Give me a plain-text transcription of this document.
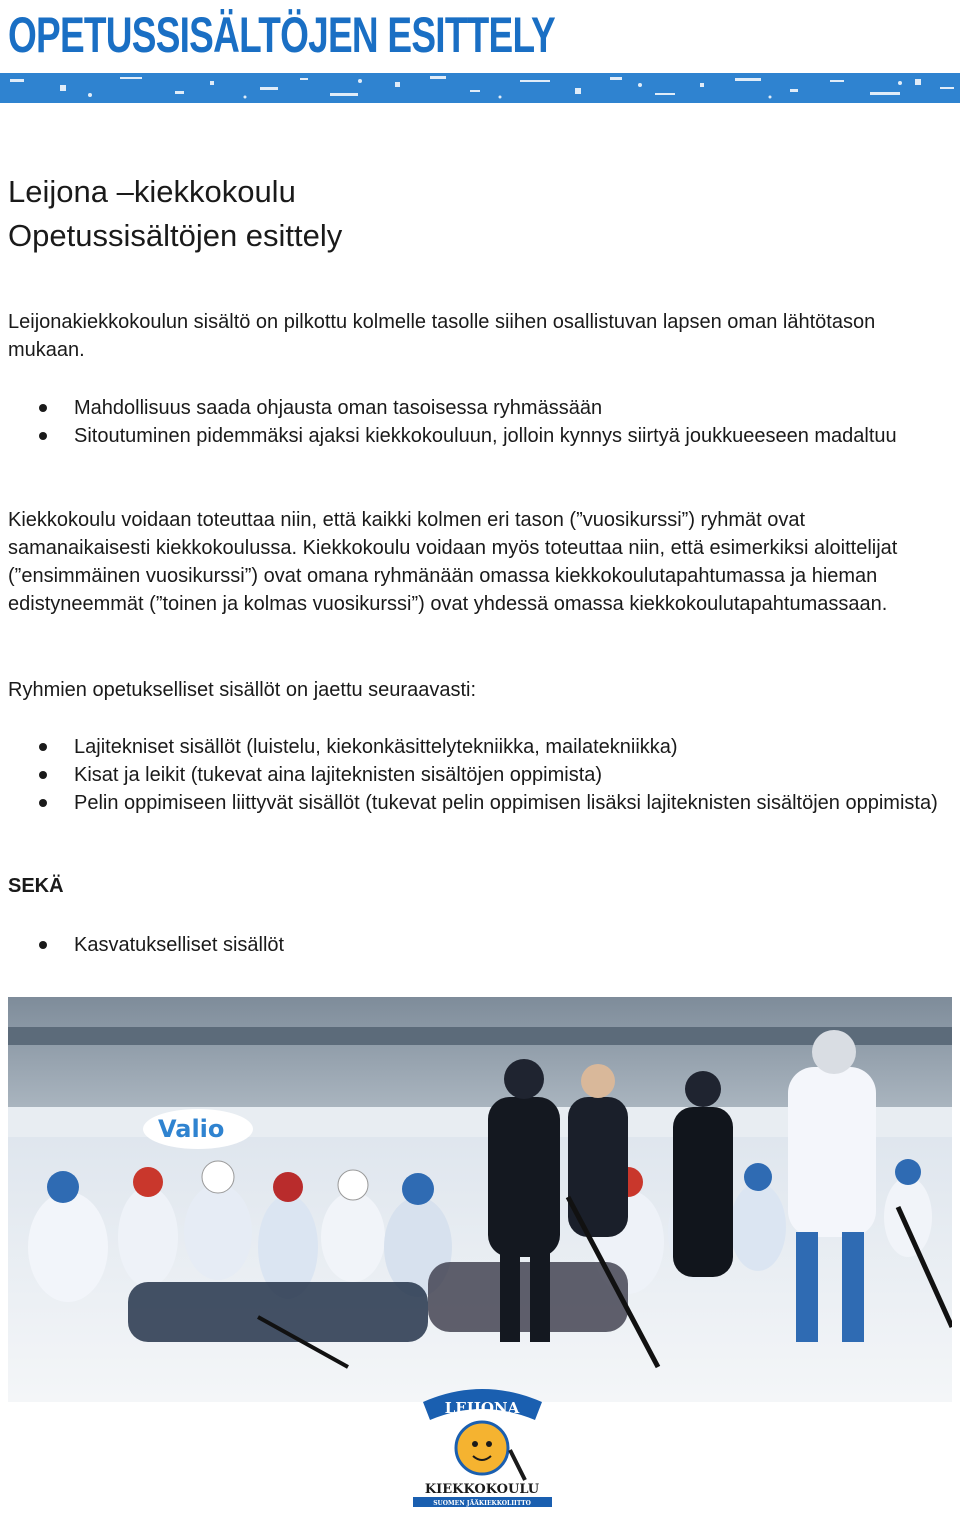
OPETUSSISÄLTÖJEN ESITTELY
Leijona –kiekkokoulu
Opetussisältöjen esittely

Leijonakiekkokoulun sisältö on pilkottu kolmelle tasolle siihen osallistuvan lapsen oman lähtötason mukaan.

Mahdollisuus saada ohjausta oman tasoisessa ryhmässään
Sitoutuminen pidemmäksi ajaksi kiekkokouluun, jolloin kynnys siirtyä joukkueeseen madaltuu

Kiekkokoulu voidaan toteuttaa niin, että kaikki kolmen eri tason (”vuosikurssi”) ryhmät ovat samanaikaisesti kiekkokoulussa. Kiekkokoulu voidaan myös toteuttaa niin, että esimerkiksi aloittelijat (”ensimmäinen vuosikurssi”) ovat omana ryhmänään omassa kiekkokoulutapahtumassa ja hieman edistyneemmät (”toinen ja kolmas vuosikurssi”) ovat yhdessä omassa kiekkokoulutapahtumassaan.

Ryhmien opetukselliset sisällöt on jaettu seuraavasti:

Lajitekniset sisällöt (luistelu, kiekonkäsittelytekniikka, mailatekniikka)
Kisat ja leikit (tukevat aina lajiteknisten sisältöjen oppimista)
Pelin oppimiseen liittyvät sisällöt (tukevat pelin oppimisen lisäksi lajiteknisten sisältöjen oppimista)

SEKÄ

Kasvatukselliset sisällöt
Valio
LEIJONA
KIEKKOKOULU
SUOMEN JÄÄKIEKKOLIITTO
